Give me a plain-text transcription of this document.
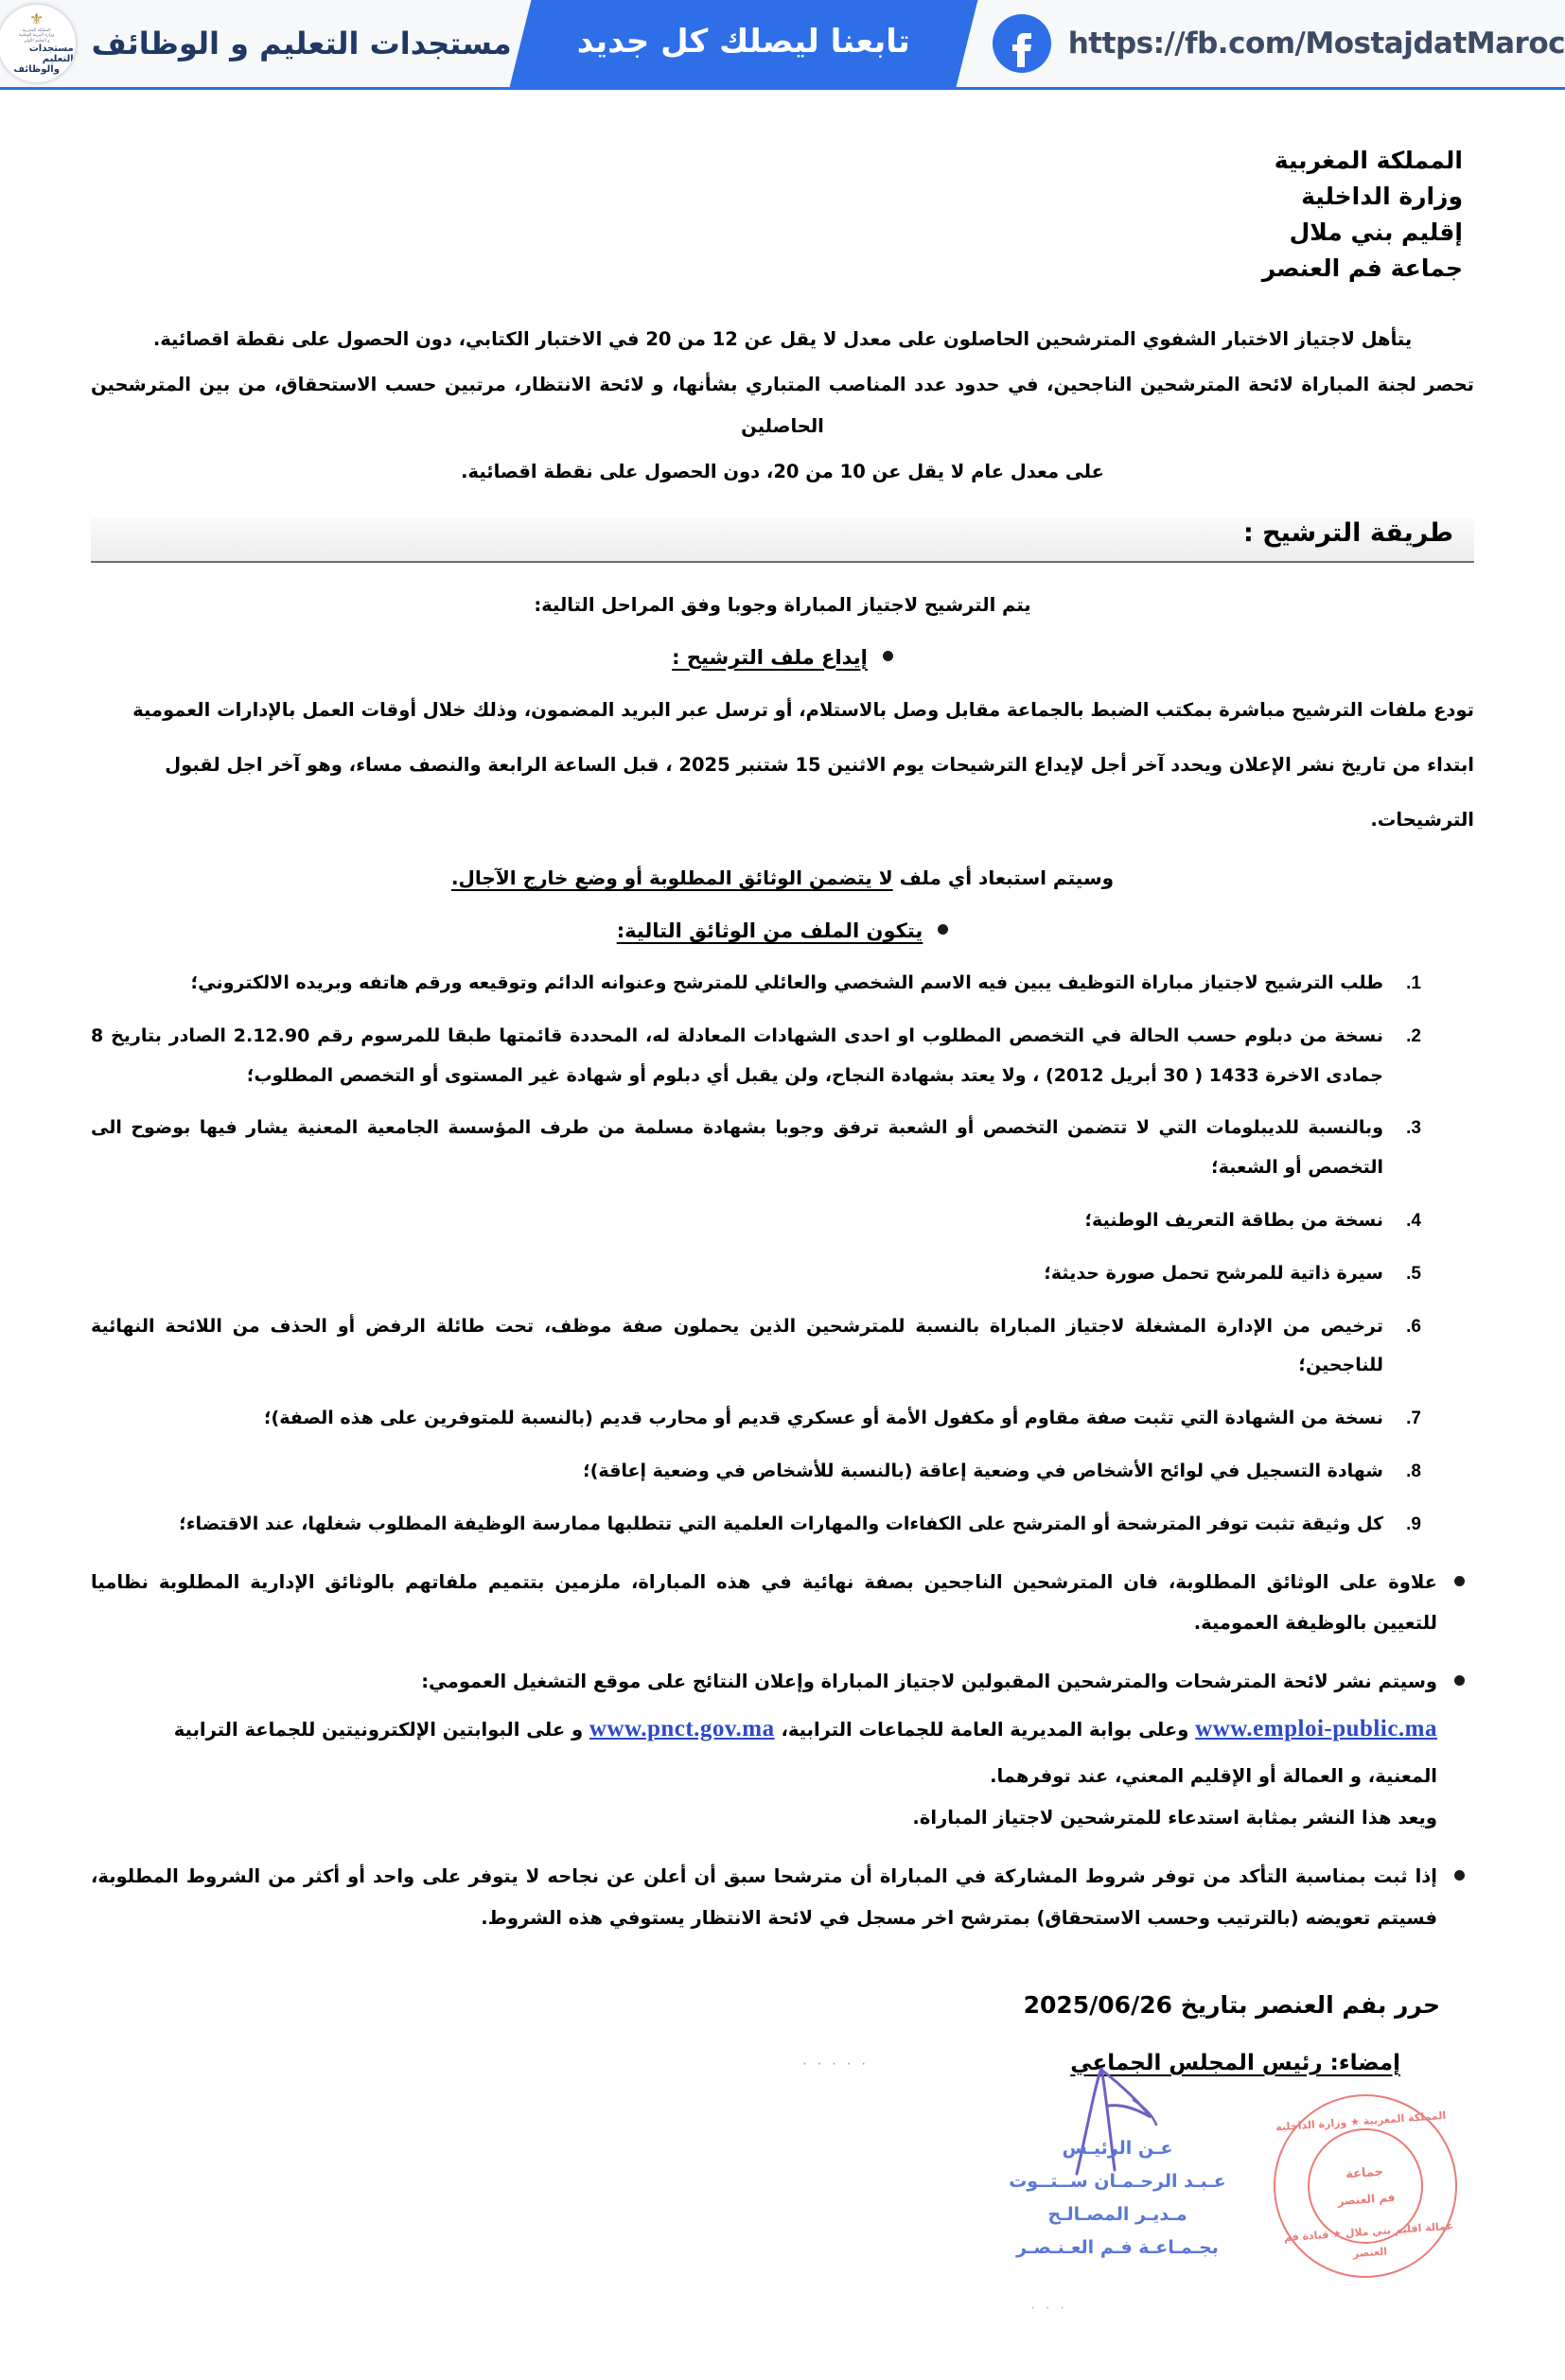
https://fb.com/MostajdatMaroc
تابعنا ليصلك كل جديد
مستجدات التعليم و الوظائف
⚜
المملكة المغربية
وزارة التربية الوطنية
و التعليم الأولي
مستجدات التعليم
والوظائف
المملكة المغربية
وزارة الداخلية
إقليم بني ملال
جماعة فم العنصر

يتأهل لاجتياز الاختبار الشفوي المترشحين الحاصلون على معدل لا يقل عن 12 من 20 في الاختبار الكتابي، دون الحصول على نقطة اقصائية.

تحصر لجنة المباراة لائحة المترشحين الناجحين، في حدود عدد المناصب المتباري بشأنها، و لائحة الانتظار، مرتبين حسب الاستحقاق، من بين المترشحين الحاصلين

على معدل عام لا يقل عن 10 من 20، دون الحصول على نقطة اقصائية.

طريقة الترشيح :
يتم الترشيح لاجتياز المباراة وجوبا وفق المراحل التالية:
إيداع ملف الترشيح :
تودع ملفات الترشيح مباشرة بمكتب الضبط بالجماعة مقابل وصل بالاستلام، أو ترسل عبر البريد المضمون، وذلك خلال أوقات العمل بالإدارات العمومية
ابتداء من تاريخ نشر الإعلان ويحدد آخر أجل لإيداع الترشيحات يوم الاثنين 15 شتنبر 2025 ، قبل الساعة الرابعة والنصف مساء، وهو آخر اجل لقبول
الترشيحات.
وسيتم استبعاد أي ملف لا يتضمن الوثائق المطلوبة أو وضع خارج الآجال.
يتكون الملف من الوثائق التالية:
طلب الترشيح لاجتياز مباراة التوظيف يبين فيه الاسم الشخصي والعائلي للمترشح وعنوانه الدائم وتوقيعه ورقم هاتفه وبريده الالكتروني؛
نسخة من دبلوم حسب الحالة في التخصص المطلوب او احدى الشهادات المعادلة له، المحددة قائمتها طبقا للمرسوم رقم 2.12.90 الصادر بتاريخ 8 جمادى الاخرة 1433 ( 30 أبريل 2012) ، ولا يعتد بشهادة النجاح، ولن يقبل أي دبلوم أو شهادة غير المستوى أو التخصص المطلوب؛
وبالنسبة للديبلومات التي لا تتضمن التخصص أو الشعبة ترفق وجوبا بشهادة مسلمة من طرف المؤسسة الجامعية المعنية يشار فيها بوضوح الى التخصص أو الشعبة؛
نسخة من بطاقة التعريف الوطنية؛
سيرة ذاتية للمرشح تحمل صورة حديثة؛
ترخيص من الإدارة المشغلة لاجتياز المباراة بالنسبة للمترشحين الذين يحملون صفة موظف، تحت طائلة الرفض أو الحذف من اللائحة النهائية للناجحين؛
نسخة من الشهادة التي تثبت صفة مقاوم أو مكفول الأمة أو عسكري قديم أو محارب قديم (بالنسبة للمتوفرين على هذه الصفة)؛
شهادة التسجيل في لوائح الأشخاص في وضعية إعاقة (بالنسبة للأشخاص في وضعية إعاقة)؛
كل وثيقة تثبت توفر المترشحة أو المترشح على الكفاءات والمهارات العلمية التي تتطلبها ممارسة الوظيفة المطلوب شغلها، عند الاقتضاء؛
علاوة على الوثائق المطلوبة، فان المترشحين الناجحين بصفة نهائية في هذه المباراة، ملزمين بتتميم ملفاتهم بالوثائق الإدارية المطلوبة نظاميا للتعيين بالوظيفة العمومية.
وسيتم نشر لائحة المترشحات والمترشحين المقبولين لاجتياز المباراة وإعلان النتائج على موقع التشغيل العمومي:
www.emploi-public.ma وعلى بوابة المديرية العامة للجماعات الترابية، www.pnct.gov.ma و على البوابتين الإلكترونيتين للجماعة الترابية
المعنية، و العمالة أو الإقليم المعني، عند توفرهما.
ويعد هذا النشر بمثابة استدعاء للمترشحين لاجتياز المباراة.
إذا ثبت بمناسبة التأكد من توفر شروط المشاركة في المباراة أن مترشحا سبق أن أعلن عن نجاحه لا يتوفر على واحد أو أكثر من الشروط المطلوبة، فسيتم تعويضه (بالترتيب وحسب الاستحقاق) بمترشح اخر مسجل في لائحة الانتظار يستوفي هذه الشروط.
حرر بفم العنصر بتاريخ 2025/06/26
إمضاء: رئيس المجلس الجماعي
· · · · ·
· · ·
المملكة المغربية ★ وزارة الداخلية
جماعة
فم العنصر
عمالة اقليم بني ملال ★ قيادة فم العنصر
عـن الرئيـس
عـبـد الرحـمـان ســتــوت
مـديـر المصـالـح
بجـمـاعـة فـم العـنـصـر
